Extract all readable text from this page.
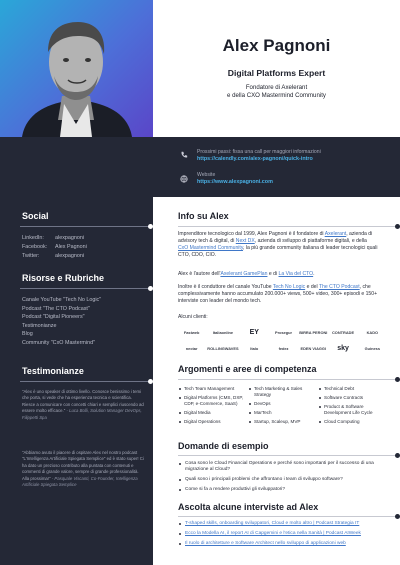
Social
LinkedIn:	alexpagnoni
Facebook:	Alex Pagnoni
Twitter:	alexpagnoni
Risorse e Rubriche
Canale YouTube "Tech No Logic"
Podcast "The CTO Podcast"
Podcast "Digital Pioneers"
Testimonianze
Blog
Community "CxO Mastermind"
Testimonianze
"Alex è uno speaker di ottimo livello. Conosce benissimo i temi che porta, si vede che ha esperienza tecnica e scientifica. Riesce a comunicare con concetti chiari e semplici riuscendo ad essere molto efficace." - Luca Bolli, Solution Manager DevOps, Filippetti Spa
"Abbiamo avuto il piacere di ospitare Alex nel nostro podcast "L'Intelligenza Artificiale Spiegata Semplice" ed è stato super! Ci ha dato un prezioso contributo alla puntata con contenuti e commenti di grande valore, sempre di grande professionalità. Alla prossima!" - Pasquale Viscanti, Co-Founder, Intelligenza Artificiale Spiegata Semplice
Alex Pagnoni
Digital Platforms Expert
Fondatore di Axelerant
e della CXO Mastermind Community
Prossimi passi: fissa una call per maggiori informazioni
https://calendly.com/alex-pagnoni/quick-intro
Website
https://www.alexpagnoni.com
Info su Alex
Imprenditore tecnologico dal 1999, Alex Pagnoni è il fondatore di Axelerant, azienda di advisory tech & digital, di Next DX, azienda di sviluppo di piattaforme digitali, e della CxO Mastermind Community, la più grande community italiana di leader tecnologici quali CTO, CDO, CIO.
Alex è l'autore dell'Axelerant GamePlan e di La Via del CTO.
Inoltre è il conduttore del canale YouTube Tech No Logic e del The CTO Podcast, che complessivamente hanno accumulato 200.000+ views, 500+ video, 300+ episodi e 150+ interviste con leader del mondo tech.
Alcuni clienti:
Fastweb	Italiaonline	EY	Prosegur	BIRRA PERONI	CONTRADE	KADO
nectar	ROLLINGWAVES	Italo	fedez	EDEN VIAGGI	sky	Guiness
Argomenti e aree di competenza
Tech Team Management
Digital Platforms (CMS, DXP, CDP, e-Commerce, SaaS)
Digital Media
Digital Operations
Tech Marketing & Sales Strategy
DevOps
MarTech
Startup, Scaleup, MVP
Technical Debt
Software Contracts
Product & Software Development Life Cycle
Cloud Computing
Domande di esempio
Cosa sono le Cloud Financial Operations e perché sono importanti per il successo di una migrazione al Cloud?
Quali sono i principali problemi che affrontano i team di sviluppo software?
Come si fa a rendere produttivi gli sviluppatori?
Ascolta alcune interviste ad Alex
T-shaped skills, onboarding sviluppatori, Cloud e molto altro | Podcast Strategia IT
Ecco la Modella AI, il report AI di Capgemini e l'etica nella Sanità | Podcast AIWeek
Il ruolo di architetture e Software Architect nello sviluppo di applicazioni web
